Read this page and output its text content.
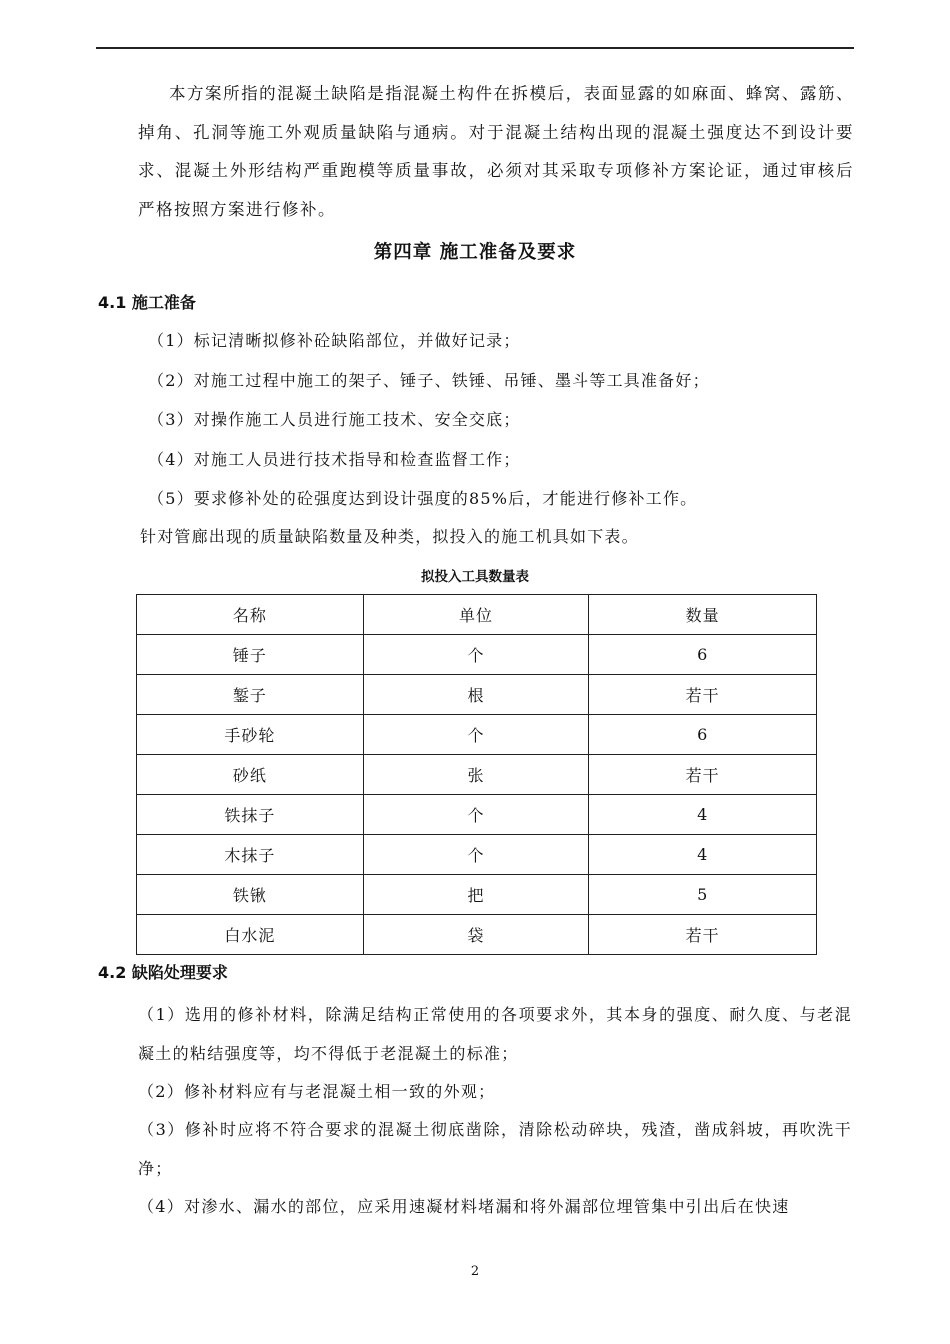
本方案所指的混凝土缺陷是指混凝土构件在拆模后，表面显露的如麻面、蜂窝、露筋、掉角、孔洞等施工外观质量缺陷与通病。对于混凝土结构出现的混凝土强度达不到设计要求、混凝土外形结构严重跑模等质量事故，必须对其采取专项修补方案论证，通过审核后严格按照方案进行修补。
第四章 施工准备及要求
4.1 施工准备
（1）标记清晰拟修补砼缺陷部位，并做好记录；
（2）对施工过程中施工的架子、锤子、铁锤、吊锤、墨斗等工具准备好；
（3）对操作施工人员进行施工技术、安全交底；
（4）对施工人员进行技术指导和检查监督工作；
（5）要求修补处的砼强度达到设计强度的85%后，才能进行修补工作。
针对管廊出现的质量缺陷数量及种类，拟投入的施工机具如下表。
拟投入工具数量表
名称	单位	数量
锤子	个	6
錾子	根	若干
手砂轮	个	6
砂纸	张	若干
铁抹子	个	4
木抹子	个	4
铁锹	把	5
白水泥	袋	若干
4.2 缺陷处理要求
（1）选用的修补材料，除满足结构正常使用的各项要求外，其本身的强度、耐久度、与老混凝土的粘结强度等，均不得低于老混凝土的标准；
（2）修补材料应有与老混凝土相一致的外观；
（3）修补时应将不符合要求的混凝土彻底凿除，清除松动碎块，残渣，凿成斜坡，再吹洗干净；
（4）对渗水、漏水的部位，应采用速凝材料堵漏和将外漏部位埋管集中引出后在快速
2
